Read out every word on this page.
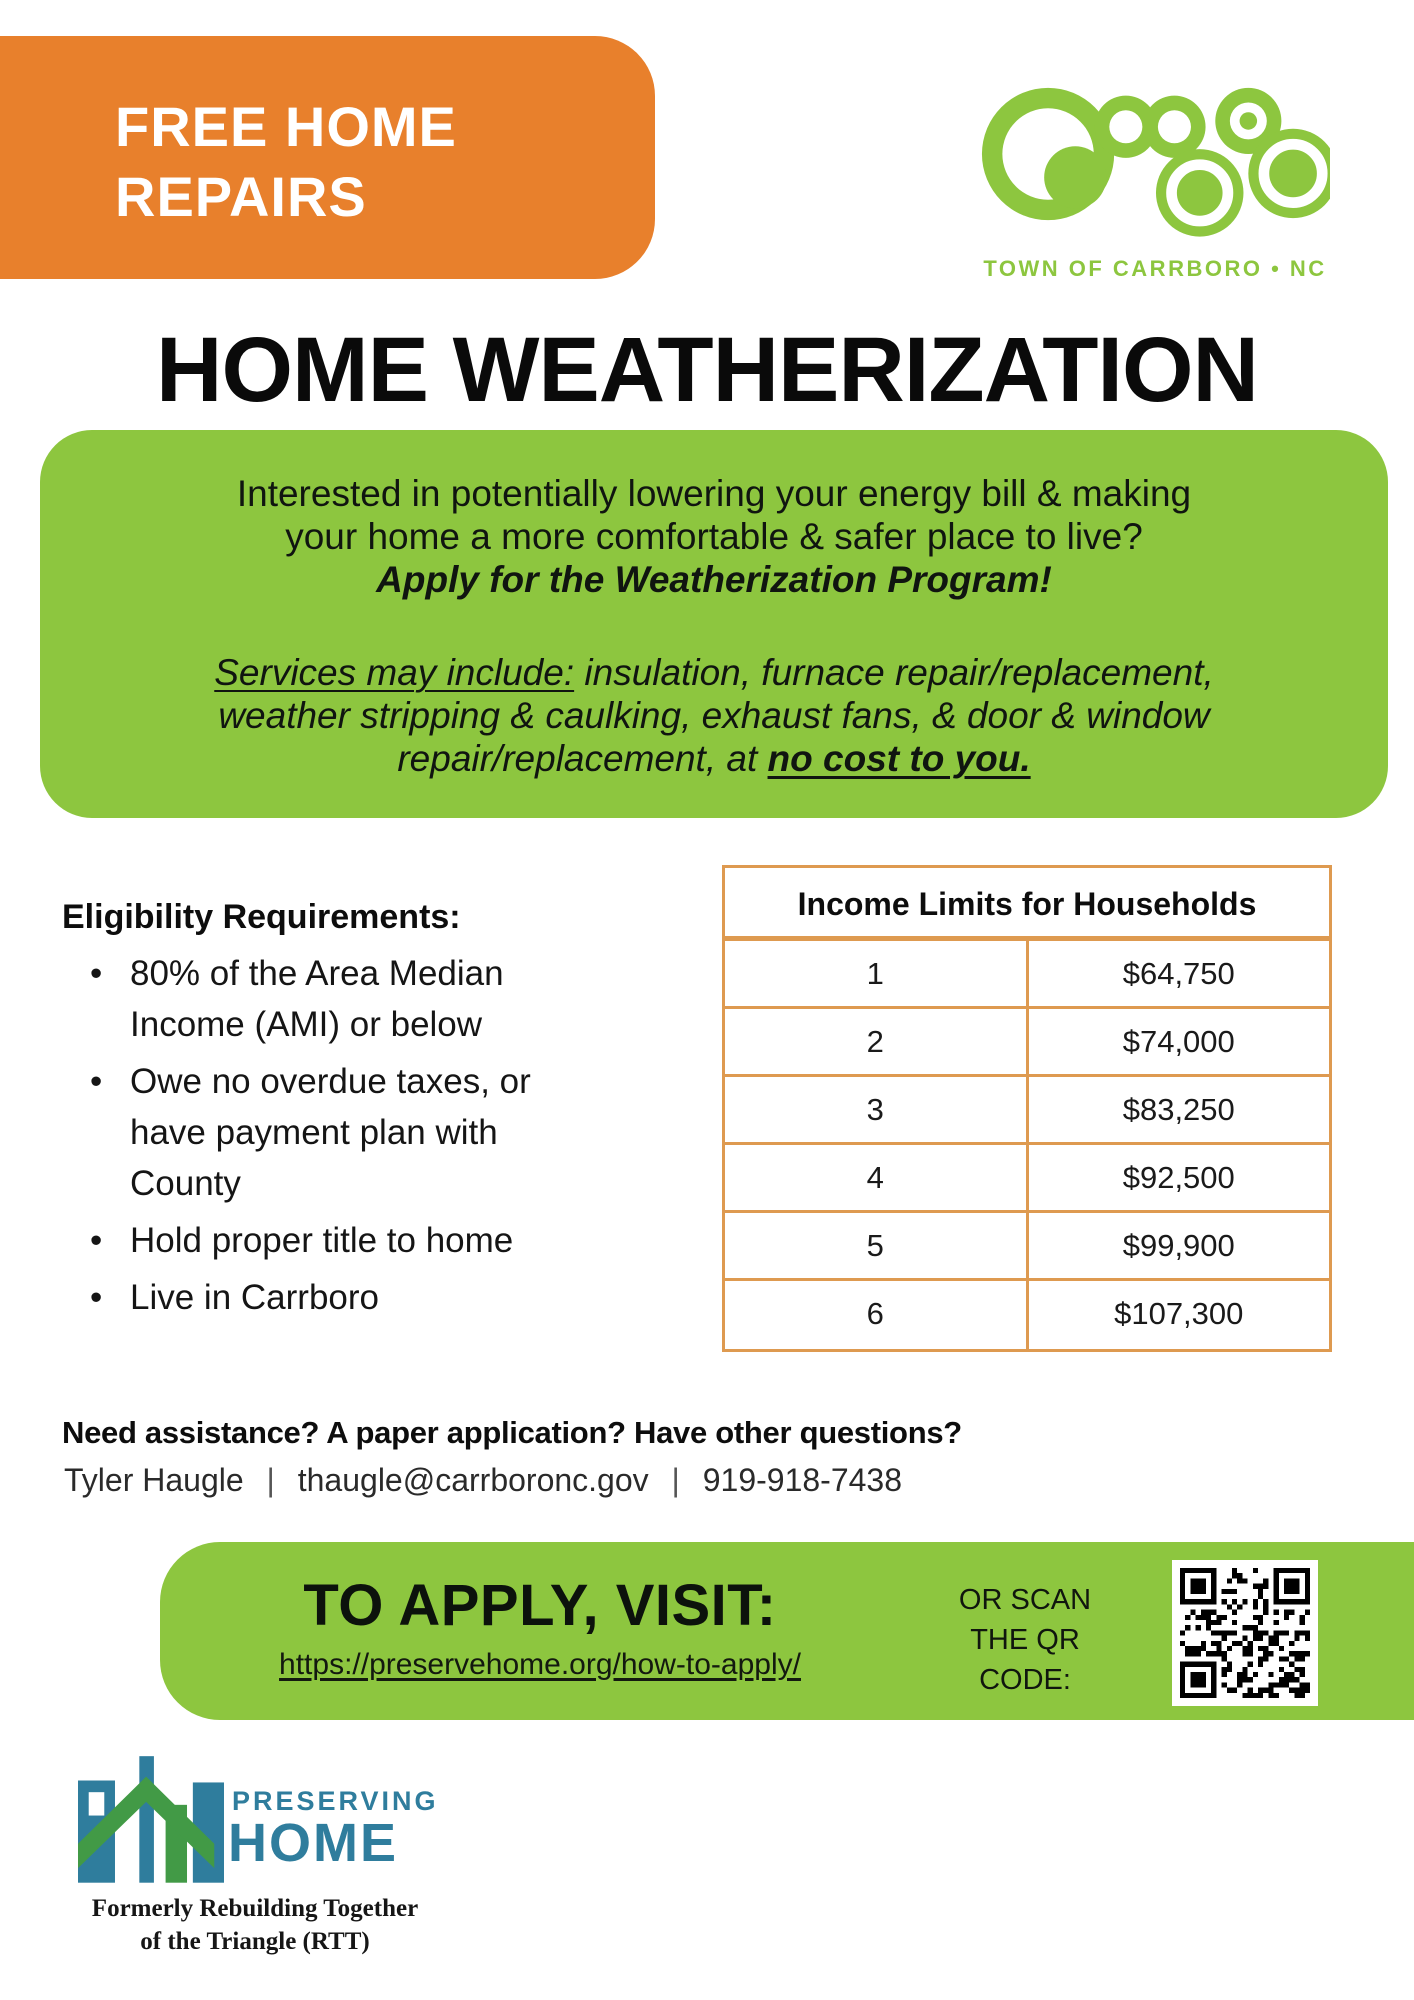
FREE HOME
REPAIRS
TOWN OF CARRBORO • NC
HOME WEATHERIZATION
Interested in potentially lowering your energy bill & making
your home a more comfortable & safer place to live?
Apply for the Weatherization Program!
Services may include: insulation, furnace repair/replacement,
weather stripping & caulking, exhaust fans, & door & window
repair/replacement, at no cost to you.
Eligibility Requirements:
• 80% of the Area Median Income (AMI) or below
• Owe no overdue taxes, or have payment plan with County
• Hold proper title to home
• Live in Carrboro
Income Limits for Households
1	$64,750
2	$74,000
3	$83,250
4	$92,500
5	$99,900
6	$107,300
Need assistance? A paper application? Have other questions?
Tyler Haugle | thaugle@carrboronc.gov | 919-918-7438
TO APPLY, VISIT:
https://preservehome.org/how-to-apply/
OR SCAN
THE QR
CODE:
PRESERVING
HOME
Formerly Rebuilding Together
of the Triangle (RTT)
